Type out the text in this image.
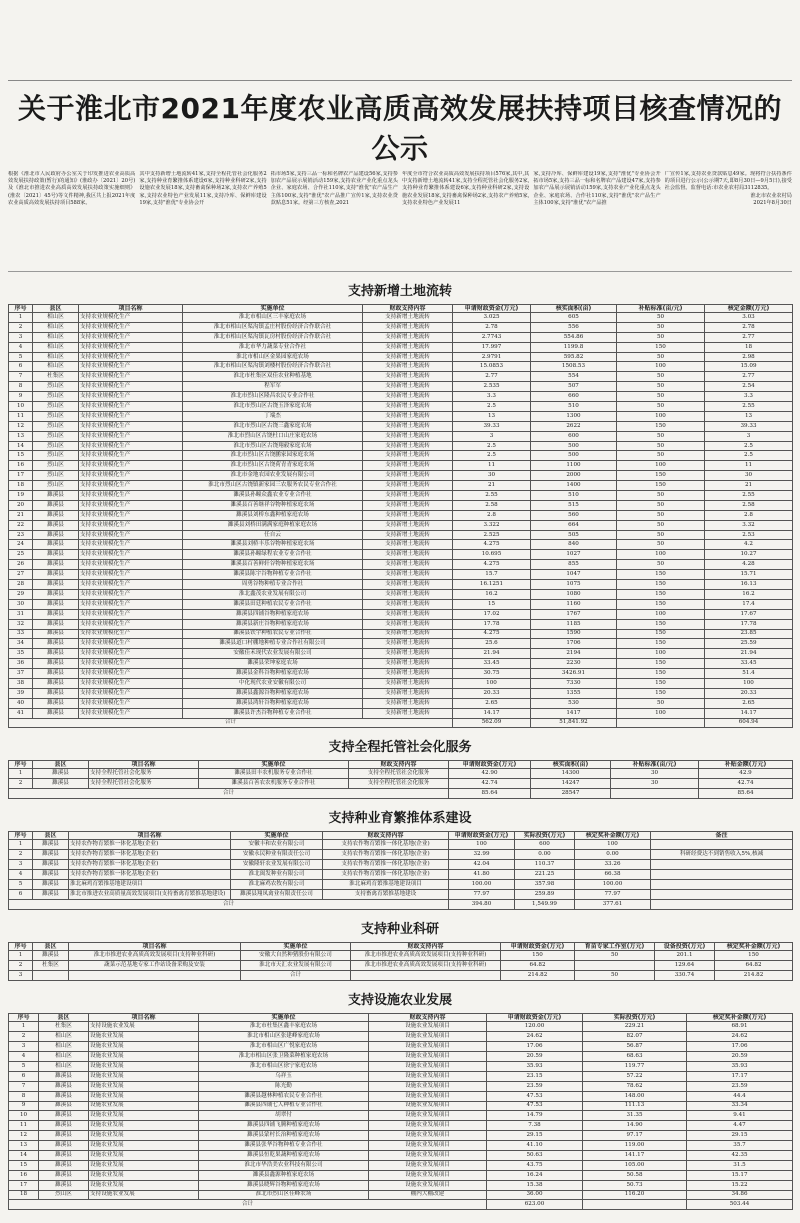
关于淮北市2021年度农业高质高效发展扶持项目核查情况的公示
根据《淮北市人民政府办公室关于印发推进农业高质高效发展扶持政策(暂行)的通知》(淮政办〔2021〕20号)及《淮北市推进农业高质高效发展扶持政策实施细则》(淮农〔2021〕45号)等文件精神,我区共上报2021年度农业高质高效发展扶持项目588家。
其中支持新增土地流转41家,支持全程托管社会化服务2家,支持种业育繁推体系建设6家,支持种业科研2家,支持设施农业发展18家,支持畜禽保种场2家,支持农产养殖5家,支持农业特色产业发展11家,支持冷库、保鲜库建设19家,支持"淮优"专业协会开
拓市场5家,支持三品一标和名牌农产品建设56家,支持参加农产品展示展销活动159家,支持农业产业化重点龙头企业、家庭农场、合作社110家,支持"淮优"农产品生产主体100家,支持"淮优"农产品推广宣传1家,支持农业贷款贴息51家。经第三方核查,2021
年度全市符合农业高质高效发展扶持项目576家,其中,其中支持新增土地流转41家,支持全程托管社会化服务2家,支持种业育繁推体系建设6家,支持种业科研2家,支持设施农业发展18家,支持畜禽保种场2家,支持农产养殖5家,支持农业特色产业发展11
家,支持冷库、保鲜库建设19家,支持"淮优"专业协会开拓市场5家,支持三品一标和名牌农产品建设47家,支持参加农产品展示展销活动159家,支持农业产业化重点龙头企业、家庭农场、合作社110家,支持"淮优"农产品生产主体100家,支持"淮优"农产品推
广宣传1家,支持农业贷款贴息49家。现将符合扶持条件的项目进行公示(公示期7天,即8月30日—9月5日),接受社会监督。监督电话:市农业农村局3112835。
淮北市农业农村局
2021年8月30日
支持新增土地流转
序号	县区	项目名称	实施单位	财政支持内容	申请财政资金(万元)	核实面积(亩)	补贴标准(亩/元)	核定金额(万元)
1	相山区	支持农业规模化生产	淮北市相山区三丰家庭农场	支持新增土地流转	3.025	605	50	3.03
2	相山区	支持农业规模化生产	淮北市相山区渠沟镇孟庄村股份经济合作联合社	支持新增土地流转	2.78	556	50	2.78
3	相山区	支持农业规模化生产	淮北市相山区渠沟镇瓦房村股份经济合作联合社	支持新增土地流转	2.7743	554.86	50	2.77
4	相山区	支持农业规模化生产	淮北市华力蔬菜专业合作社	支持新增土地流转	17.997	1199.8	150	18
5	相山区	支持农业规模化生产	淮北市相山区金果园家庭农场	支持新增土地流转	2.9791	595.82	50	2.98
6	相山区	支持农业规模化生产	淮北市相山区渠沟镇刘楼村股份经济合作联合社	支持新增土地流转	15.0853	1508.53	100	15.09
7	杜集区	支持农业规模化生产	淮北市杜集区双佳农业种植基地	支持新增土地流转	2.77	554	50	2.77
8	烈山区	支持农业规模化生产	程军军	支持新增土地流转	2.535	507	50	2.54
9	烈山区	支持农业规模化生产	淮北市烈山区隆昌农民专业合作社	支持新增土地流转	3.3	660	50	3.3
10	烈山区	支持农业规模化生产	淮北市烈山区古饶玉泽家庭农场	支持新增土地流转	2.5	510	50	2.55
11	烈山区	支持农业规模化生产	丁端杰	支持新增土地流转	13	1300	100	13
12	烈山区	支持农业规模化生产	淮北市烈山区古饶三鑫家庭农场	支持新增土地流转	39.33	2622	150	39.33
13	烈山区	支持农业规模化生产	淮北市烈山区古饶杜口山庄家庭农场	支持新增土地流转	3	600	50	3
14	烈山区	支持农业规模化生产	淮北市烈山区古饶翔毅家庭农场	支持新增土地流转	2.5	500	50	2.5
15	烈山区	支持农业规模化生产	淮北市烈山区古饶鹏家园家庭农场	支持新增土地流转	2.5	500	50	2.5
16	烈山区	支持农业规模化生产	淮北市烈山区古饶荷青青家庭农场	支持新增土地流转	11	1100	100	11
17	烈山区	支持农业规模化生产	淮北市金地农园农业发展有限公司	支持新增土地流转	30	2000	150	30
18	烈山区	支持农业规模化生产	淮北市烈山区古饶镇新家园三农服务农民专业合作社	支持新增土地流转	21	1400	150	21
19	濉溪县	支持农业规模化生产	濉溪县孙疃众鑫农业专业合作社	支持新增土地流转	2.55	510	50	2.55
20	濉溪县	支持农业规模化生产	濉溪县百善继祥谷物种植家庭农场	支持新增土地流转	2.58	515	50	2.58
21	濉溪县	支持农业规模化生产	濉溪县刘桥东鑫种植家庭农场	支持新增土地流转	2.8	560	50	2.8
22	濉溪县	支持农业规模化生产	濉溪县刘桥田满满家庭种植家庭农场	支持新增土地流转	3.322	664	50	3.32
23	濉溪县	支持农业规模化生产	任自云	支持新增土地流转	2.525	505	50	2.53
24	濉溪县	支持农业规模化生产	濉溪县刘桥丰乐谷物种植家庭农场	支持新增土地流转	4.275	840	50	4.2
25	濉溪县	支持农业规模化生产	濉溪县孙疃绿程农业专业合作社	支持新增土地流转	10.695	1027	100	10.27
26	濉溪县	支持农业规模化生产	濉溪县百善鲜轩谷物种植家庭农场	支持新增土地流转	4.275	855	50	4.28
27	濉溪县	支持农业规模化生产	濉溪县陈宇谷物种植专业合作社	支持新增土地流转	15.7	1047	150	15.71
28	濉溪县	支持农业规模化生产	周勇谷物种植专业合作社	支持新增土地流转	16.1251	1075	150	16.13
29	濉溪县	支持农业规模化生产	淮北鑫茂农业发展有限公司	支持新增土地流转	16.2	1080	150	16.2
30	濉溪县	支持农业规模化生产	濉溪县田廷种植农民专业合作社	支持新增土地流转	15	1160	150	17.4
31	濉溪县	支持农业规模化生产	濉溪县四铺谷物种植家庭农场	支持新增土地流转	17.02	1767	100	17.67
32	濉溪县	支持农业规模化生产	濉溪县新庄谷物种植家庭农场	支持新增土地流转	17.78	1185	150	17.78
33	濉溪县	支持农业规模化生产	濉溪县铁宇种植农民专业合作社	支持新增土地流转	4.275	1590	150	23.85
34	濉溪县	支持农业规模化生产	濉溪县道口村棚地种植专业合作社有限公司	支持新增土地流转	25.6	1706	150	25.59
35	濉溪县	支持农业规模化生产	安徽佳禾现代农业发展有限公司	支持新增土地流转	21.94	2194	100	21.94
36	濉溪县	支持农业规模化生产	濉溪县荣坤家庭农场	支持新增土地流转	33.45	2230	150	33.45
37	濉溪县	支持农业规模化生产	濉溪县金科谷物种植家庭农场	支持新增土地流转	30.75	3426.91	150	51.4
38	濉溪县	支持农业规模化生产	中化现代农业安徽有限公司	支持新增土地流转	100	7330	150	100
39	濉溪县	支持农业规模化生产	濉溪县鑫源谷物种植家庭农场	支持新增土地流转	20.33	1355	150	20.33
40	濉溪县	支持农业规模化生产	濉溪县鸿轩谷物种植家庭农场	支持新增土地流转	2.65	530	50	2.65
41	濉溪县	支持农业规模化生产	濉溪县许杰谷物种植专业合作社	支持新增土地流转	14.17	1417	100	14.17
合计					562.09	51,841.92		604.94
支持全程托管社会化服务
序号	县区	项目名称	实施单位	财政支持内容	申请财政资金(万元)	核实面积(亩)	补贴标准(亩/元)	补贴金额(万元)
1	濉溪县	支持全程托管社会化服务	濉溪县田丰农机服务专业合作社	支持全程托管社会化服务	42.90	14300	30	42.9
2	濉溪县	支持全程托管社会化服务	濉溪县百善农农机服务专业合作社	支持全程托管社会化服务	42.74	14247	30	42.74
合计					85.64	28547		85.64
支持种业育繁推体系建设
序号	县区	项目名称	实施单位	财政支持内容	申请财政资金(万元)	实际投资(万元)	核定奖补金额(万元)	备注
1	濉溪县	支持农作物育繁推一体化基地(企业)	安徽丰和农业有限公司	支持农作物育繁推一体化基地(企业)	100	600	100	
2	濉溪县	支持农作物育繁推一体化基地(企业)	安徽永民种业有限责任公司	支持农作物育繁推一体化基地(企业)	32.99	0.00	0.00	科研经费达不到销售收入5%,核减
3	濉溪县	支持农作物育繁推一体化基地(企业)	安徽隆轩农业发展有限公司	支持农作物育繁推一体化基地(企业)	42.04	110.37	33.26	
4	濉溪县	支持农作物育繁推一体化基地(企业)	淮北闽发种业有限公司	支持农作物育繁推一体化基地(企业)	41.80	221.25	66.38	
5	濉溪县	淮北麻鸡育繁推基地建设项目	淮北麻鸡农牧有限公司	淮北麻鸡育繁推基地建设项目	100.00	357.98	100.00	
6	濉溪县	淮北市推进农业高质量高效发展项目(支持畜禽育繁推基地建设)	濉溪县翔凤禽业有限责任公司	支持畜禽育繁推基地建设	77.97	259.89	77.97	
合计					394.80	1,549.99	377.61	
支持种业科研
序号	县区	项目名称	实施单位	财政支持内容	申请财政资金(万元)	育苗专家工作室(万元)	设备投资(万元)	核定奖补金额(万元)
1	濉溪县	淮北市推进农业高质高效发展项目(支持种业科研)	安徽大自然种猪股份有限公司	淮北市推进农业高质高效发展项目(支持种业科研)	150	50	201.1	150
2	杜集区	蔬菜示范基地专家工作站设备采购及安装	淮北市天汇农业发展有限公司	淮北市推进农业高质高效发展项目(支持种业科研)	64.82		129.64	64.82
3			合计		214.82	50	330.74	214.82
支持设施农业发展
序号	县区	项目名称	实施单位	财政支持内容	申请财政资金(万元)	实际投资(万元)	核定奖补金额(万元)
1	杜集区	支持设施农业发展	淮北市杜集区鑫丰家庭农场	设施农业发展项目	120.00	229.21	68.91
2	相山区	设施农业发展	淮北市相山区张建峰家庭农场	设施农业发展项目	24.62	82.07	24.62
3	相山区	设施农业发展	淮北市相山区广悦家庭农场	设施农业发展项目	17.06	56.87	17.06
4	相山区	设施农业发展	淮北市相山区张卫隆菜种植家庭农场	设施农业发展项目	20.59	68.63	20.59
5	相山区	设施农业发展	淮北市相山区徐宁家庭农场	设施农业发展项目	35.93	119.77	35.93
6	濉溪县	设施农业发展	乌祥玉	设施农业发展项目	23.15	57.22	17.17
7	濉溪县	设施农业发展	陈光勤	设施农业发展项目	23.59	78.62	23.59
8	濉溪县	设施农业发展	濉溪县越林种植农民专业合作社	设施农业发展项目	47.53	148.00	44.4
9	濉溪县	设施农业发展	濉溪县四铺七人种植专业合作社	设施农业发展项目	47.53	111.13	33.34
10	濉溪县	设施农业发展	胡翠付	设施农业发展项目	14.79	31.35	9.41
11	濉溪县	设施农业发展	濉溪县四铺飞腾种植家庭农场	设施农业发展项目	7.38	14.90	4.47
12	濉溪县	设施农业发展	濉溪县蒙村长治种植家庭农场	设施农业发展项目	29.15	97.17	29.15
13	濉溪县	设施农业发展	濉溪县张华谷物种植专业合作社	设施农业发展项目	41.10	119.00	35.7
14	濉溪县	设施农业发展	濉溪县恒乾果蔬种植家庭农场	设施农业发展项目	50.63	141.17	42.35
15	濉溪县	设施农业发展	淮北市华浩美农业科技有限公司	设施农业发展项目	43.75	105.00	31.5
16	濉溪县	设施农业发展	濉溪县鑫源种植家庭农场	设施农业发展项目	16.24	50.58	15.17
17	濉溪县	设施农业发展	濉溪县晓辉谷物种植家庭农场	设施农业发展项目	15.38	50.73	15.22
18	烈山区	支持设施农业发展	淮北市烈山区佳峰农场	棚内大棚改建	36.00	116.20	34.86
合计					623.00		503.44
